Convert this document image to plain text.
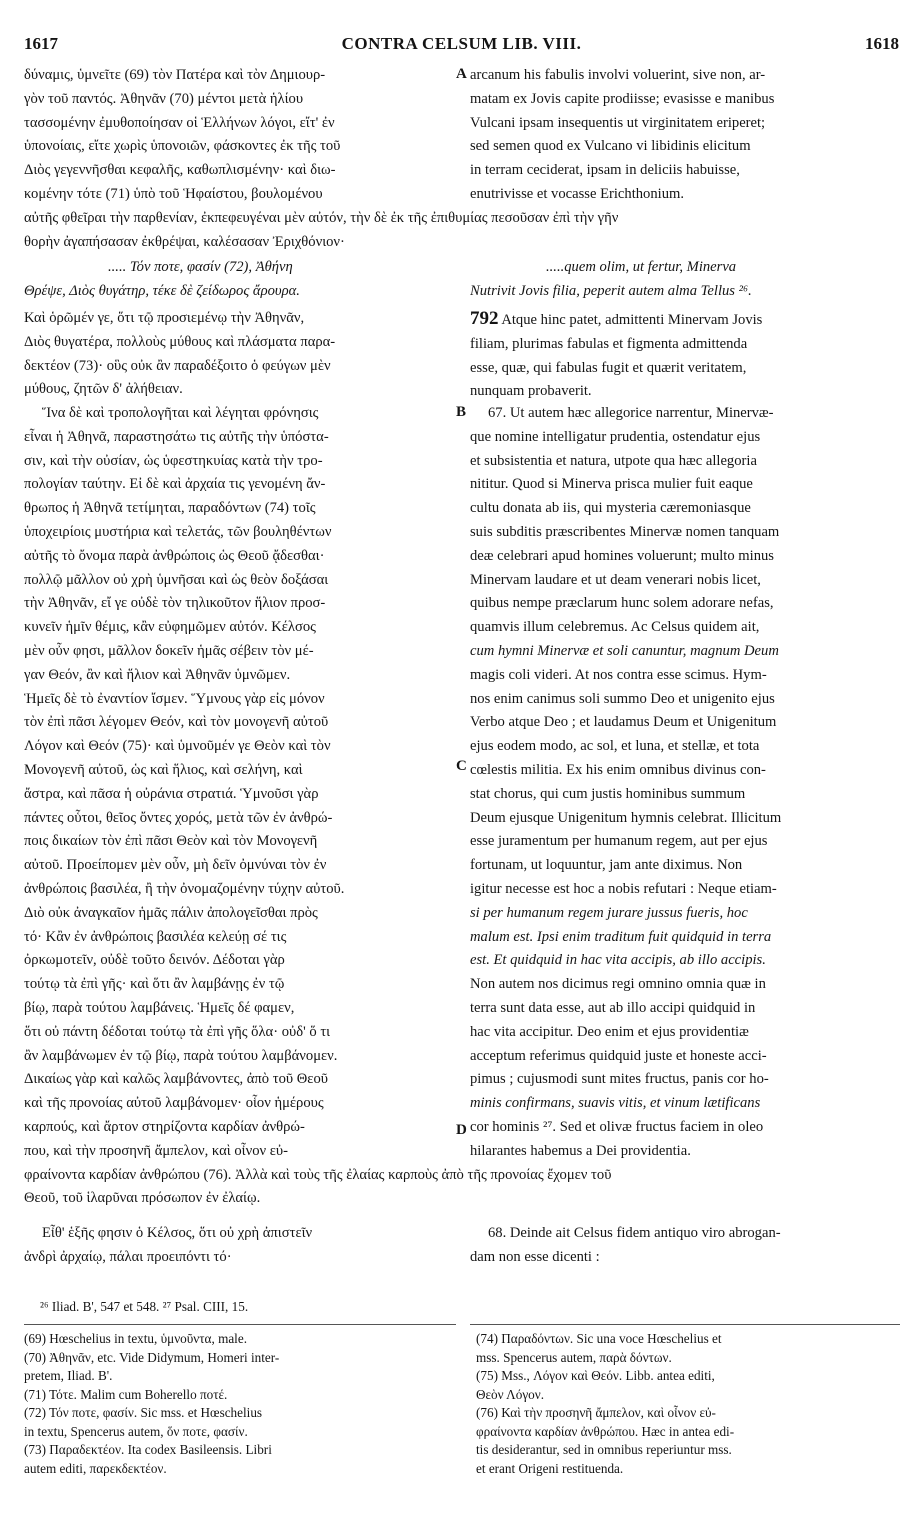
1617	CONTRA CELSUM LIB. VIII.	1618
δύναμις, ὑμνεῖτε (69) τὸν Πατέρα καὶ τὸν Δημιουρ-
γὸν τοῦ παντός. Ἀθηνᾶν (70) μέντοι μετὰ ἡλίου
τασσομένην ἐμυθοποίησαν οἱ Ἑλλήνων λόγοι, εἴτ' ἐν
ὑπονοίαις, εἴτε χωρὶς ὑπονοιῶν, φάσκοντες ἐκ τῆς τοῦ
Διὸς γεγεννῆσθαι κεφαλῆς, καθωπλισμένην· καὶ διω-
κομένην τότε (71) ὑπὸ τοῦ Ἡφαίστου, βουλομένου
A arcanum his fabulis involvi voluerint, sive non, ar-
matam ex Jovis capite prodiisse; evasisse e manibus
Vulcani ipsam insequentis ut virginitatem eriperet;
sed semen quod ex Vulcano vi libidinis elicitum
in terram ceciderat, ipsam in deliciis habuisse,
enutrivisse et vocasse Erichthonium.
αὐτῆς φθεῖραι τὴν παρθενίαν, ἐκπεφευγέναι μὲν αὐτόν, τὴν δὲ ἐκ τῆς ἐπιθυμίας πεσοῦσαν ἐπὶ τὴν γῆν
θορὴν ἀγαπήσασαν ἐκθρέψαι, καλέσασαν Ἐριχθόνιον·
..... Τόν ποτε, φασίν (72), Ἀθήνη
Θρέψε, Διὸς θυγάτηρ, τέκε δὲ ζείδωρος ἄρουρα.
.....quem olim, ut fertur, Minerva
Nutrivit Jovis filia, peperit autem alma Tellus ²⁶.
Καὶ ὁρῶμέν γε, ὅτι τῷ προσιεμένῳ τὴν Ἀθηνᾶν,
Διὸς θυγατέρα, πολλοὺς μύθους καὶ πλάσματα παρα-
δεκτέον (73)· οὓς οὐκ ἂν παραδέξοιτο ὁ φεύγων μὲν
μύθους, ζητῶν δ' ἀλήθειαν.
792 Atque hinc patet, admittenti Minervam Jovis
filiam, plurimas fabulas et figmenta admittenda
esse, quæ, qui fabulas fugit et quærit veritatem,
nunquam probaverit.
B
C
D
Ἵνα δὲ καὶ τροπολογῆται καὶ λέγηται φρόνησις
εἶναι ἡ Ἀθηνᾶ, παραστησάτω τις αὐτῆς τὴν ὑπόστα-
σιν, καὶ τὴν οὐσίαν, ὡς ὑφεστηκυίας κατὰ τὴν τρο-
πολογίαν ταύτην. Εἰ δὲ καὶ ἀρχαία τις γενομένη ἄν-
θρωπος ἡ Ἀθηνᾶ τετίμηται, παραδόντων (74) τοῖς
ὑποχειρίοις μυστήρια καὶ τελετάς, τῶν βουληθέντων
αὐτῆς τὸ ὄνομα παρὰ ἀνθρώποις ὡς Θεοῦ ᾄδεσθαι·
πολλῷ μᾶλλον οὐ χρὴ ὑμνῆσαι καὶ ὡς θεὸν δοξάσαι
τὴν Ἀθηνᾶν, εἴ γε οὐδὲ τὸν τηλικοῦτον ἥλιον προσ-
κυνεῖν ἡμῖν θέμις, κἂν εὐφημῶμεν αὐτόν. Κέλσος
μὲν οὖν φησι, μᾶλλον δοκεῖν ἡμᾶς σέβειν τὸν μέ-
γαν Θεόν, ἂν καὶ ἥλιον καὶ Ἀθηνᾶν ὑμνῶμεν.
Ἡμεῖς δὲ τὸ ἐναντίον ἴσμεν. Ὕμνους γὰρ εἰς μόνον
τὸν ἐπὶ πᾶσι λέγομεν Θεόν, καὶ τὸν μονογενῆ αὐτοῦ
Λόγον καὶ Θεόν (75)· καὶ ὑμνοῦμέν γε Θεὸν καὶ τὸν
Μονογενῆ αὐτοῦ, ὡς καὶ ἥλιος, καὶ σελήνη, καὶ
ἄστρα, καὶ πᾶσα ἡ οὐράνια στρατιά. Ὑμνοῦσι γὰρ
πάντες οὗτοι, θεῖος ὄντες χορός, μετὰ τῶν ἐν ἀνθρώ-
ποις δικαίων τὸν ἐπὶ πᾶσι Θεὸν καὶ τὸν Μονογενῆ
αὐτοῦ. Προείπομεν μὲν οὖν, μὴ δεῖν ὀμνύναι τὸν ἐν
ἀνθρώποις βασιλέα, ἢ τὴν ὀνομαζομένην τύχην αὐτοῦ.
Διὸ οὐκ ἀναγκαῖον ἡμᾶς πάλιν ἀπολογεῖσθαι πρὸς
τό· Κἂν ἐν ἀνθρώποις βασιλέα κελεύῃ σέ τις
ὀρκωμοτεῖν, οὐδὲ τοῦτο δεινόν. Δέδοται γὰρ
τούτῳ τὰ ἐπὶ γῆς· καὶ ὅτι ἂν λαμβάνῃς ἐν τῷ
βίῳ, παρὰ τούτου λαμβάνεις. Ἡμεῖς δέ φαμεν,
ὅτι οὐ πάντη δέδοται τούτῳ τὰ ἐπὶ γῆς ὅλα· οὐδ' ὅ τι
ἂν λαμβάνωμεν ἐν τῷ βίῳ, παρὰ τούτου λαμβάνομεν.
Δικαίως γὰρ καὶ καλῶς λαμβάνοντες, ἀπὸ τοῦ Θεοῦ
καὶ τῆς προνοίας αὐτοῦ λαμβάνομεν· οἷον ἡμέρους
καρπούς, καὶ ἄρτον στηρίζοντα καρδίαν ἀνθρώ-
που, καὶ τὴν προσηνῆ ἄμπελον, καὶ οἶνον εὐ-
φραίνοντα καρδίαν ἀνθρώπου (76). Ἀλλὰ καὶ τοὺς τῆς ἐλαίας καρποὺς ἀπὸ τῆς προνοίας ἔχομεν τοῦ
Θεοῦ, τοῦ ἱλαρῦναι πρόσωπον ἐν ἐλαίῳ.
67. Ut autem hæc allegorice narrentur, Minervæ-
que nomine intelligatur prudentia, ostendatur ejus
et subsistentia et natura, utpote qua hæc allegoria
nititur. Quod si Minerva prisca mulier fuit eaque
cultu donata ab iis, qui mysteria cæremoniasque
suis subditis præscribentes Minervæ nomen tanquam
deæ celebrari apud homines voluerunt; multo minus
Minervam laudare et ut deam venerari nobis licet,
quibus nempe præclarum hunc solem adorare nefas,
quamvis illum celebremus. Ac Celsus quidem ait,
cum hymni Minervæ et soli canuntur, magnum Deum
magis coli videri. At nos contra esse scimus. Hym-
nos enim canimus soli summo Deo et unigenito ejus
Verbo atque Deo ; et laudamus Deum et Unigenitum
ejus eodem modo, ac sol, et luna, et stellæ, et tota
cœlestis militia. Ex his enim omnibus divinus con-
stat chorus, qui cum justis hominibus summum
Deum ejusque Unigenitum hymnis celebrat. Illicitum
esse juramentum per humanum regem, aut per ejus
fortunam, ut loquuntur, jam ante diximus. Non
igitur necesse est hoc a nobis refutari : Neque etiam-
si per humanum regem jurare jussus fueris, hoc
malum est. Ipsi enim traditum fuit quidquid in terra
est. Et quidquid in hac vita accipis, ab illo accipis.
Non autem nos dicimus regi omnino omnia quæ in
terra sunt data esse, aut ab illo accipi quidquid in
hac vita accipitur. Deo enim et ejus providentiæ
acceptum referimus quidquid juste et honeste acci-
pimus ; cujusmodi sunt mites fructus, panis cor ho-
minis confirmans, suavis vitis, et vinum lætificans
cor hominis ²⁷. Sed et olivæ fructus faciem in oleo
hilarantes habemus a Dei providentia.
Εἶθ' ἑξῆς φησιν ὁ Κέλσος, ὅτι οὐ χρὴ ἀπιστεῖν
ἀνδρὶ ἀρχαίῳ, πάλαι προειπόντι τό·
68. Deinde ait Celsus fidem antiquo viro abrogan-
dam non esse dicenti :
²⁶ Iliad. B', 547 et 548. ²⁷ Psal. CIII, 15.
(69) Hœschelius in textu, ὑμνοῦντα, male.
(70) Ἀθηνᾶν, etc. Vide Didymum, Homeri inter-
pretem, Iliad. B'.
(71) Τότε. Malim cum Boherello ποτέ.
(72) Τόν ποτε, φασίν. Sic mss. et Hœschelius
in textu, Spencerus autem, ὅν ποτε, φασίν.
(73) Παραδεκτέον. Ita codex Basileensis. Libri
autem editi, παρεκδεκτέον.
(74) Παραδόντων. Sic una voce Hœschelius et
mss. Spencerus autem, παρὰ δόντων.
(75) Mss., Λόγον καὶ Θεόν. Libb. antea editi,
Θεὸν Λόγον.
(76) Καὶ τὴν προσηνῆ ἄμπελον, καὶ οἶνον εὐ-
φραίνοντα καρδίαν ἀνθρώπου. Hæc in antea edi-
tis desiderantur, sed in omnibus reperiuntur mss.
et erant Origeni restituenda.
